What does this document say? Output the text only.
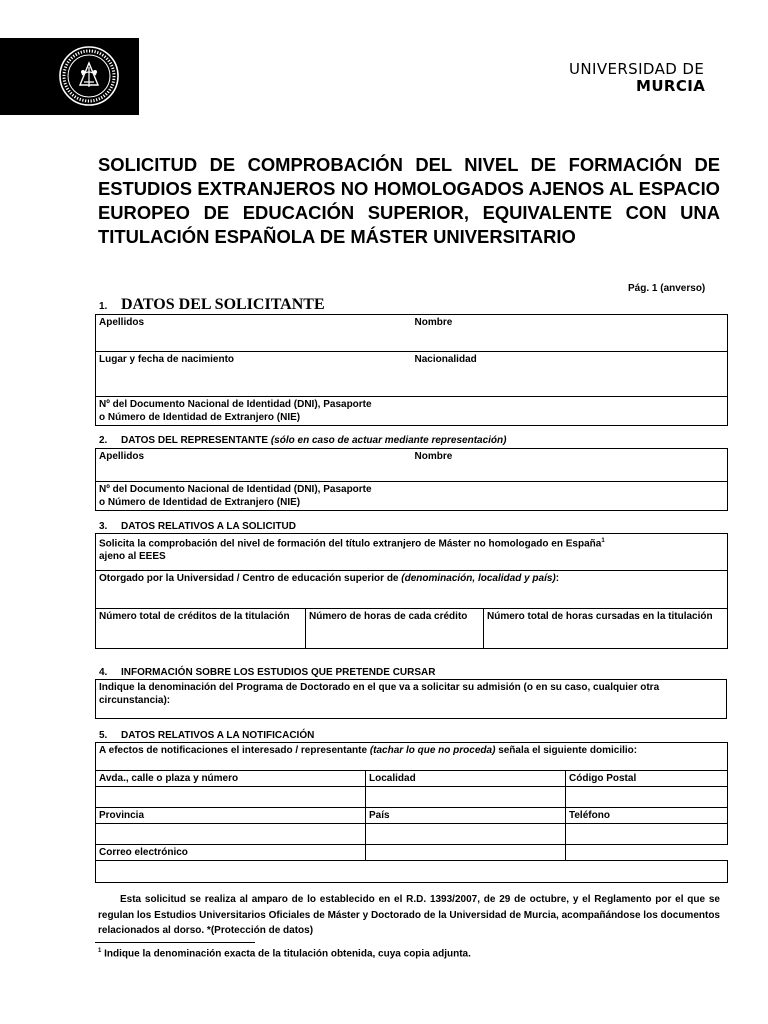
UNIVERSIDAD DE
MURCIA
SOLICITUD DE COMPROBACIÓN DEL NIVEL DE FORMACIÓN DE ESTUDIOS EXTRANJEROS NO HOMOLOGADOS AJENOS AL ESPACIO EUROPEO DE EDUCACIÓN SUPERIOR, EQUIVALENTE CON UNA TITULACIÓN ESPAÑOLA DE MÁSTER UNIVERSITARIO
Pág. 1 (anverso)
1. DATOS DEL SOLICITANTE
Apellidos	Nombre
Lugar y fecha de nacimiento	Nacionalidad
Nº del Documento Nacional de Identidad (DNI), Pasaporte
o Número de Identidad de Extranjero (NIE)	
2. DATOS DEL REPRESENTANTE (sólo en caso de actuar mediante representación)
Apellidos	Nombre
Nº del Documento Nacional de Identidad (DNI), Pasaporte
o Número de Identidad de Extranjero (NIE)
3. DATOS RELATIVOS A LA SOLICITUD
Solicita la comprobación del nivel de formación del título extranjero de Máster no homologado en España$^1$
ajeno al EEES
Otorgado por la Universidad / Centro de educación superior de (denominación, localidad y país):
Número total de créditos de la titulación	Número de horas de cada crédito	Número total de horas cursadas en la titulación
4. INFORMACIÓN SOBRE LOS ESTUDIOS QUE PRETENDE CURSAR
Indique la denominación del Programa de Doctorado en el que va a solicitar su admisión (o en su caso, cualquier otra circunstancia):
5. DATOS RELATIVOS A LA NOTIFICACIÓN
A efectos de notificaciones el interesado / representante (tachar lo que no proceda) señala el siguiente domicilio:		
Avda., calle o plaza y número	Localidad	Código Postal

Provincia	País	Teléfono

Correo electrónico		

Esta solicitud se realiza al amparo de lo establecido en el R.D. 1393/2007, de 29 de octubre, y el Reglamento por el que se regulan los Estudios Universitarios Oficiales de Máster y Doctorado de la Universidad de Murcia, acompañándose los documentos relacionados al dorso. *(Protección de datos)
$^1$ Indique la denominación exacta de la titulación obtenida, cuya copia adjunta.
